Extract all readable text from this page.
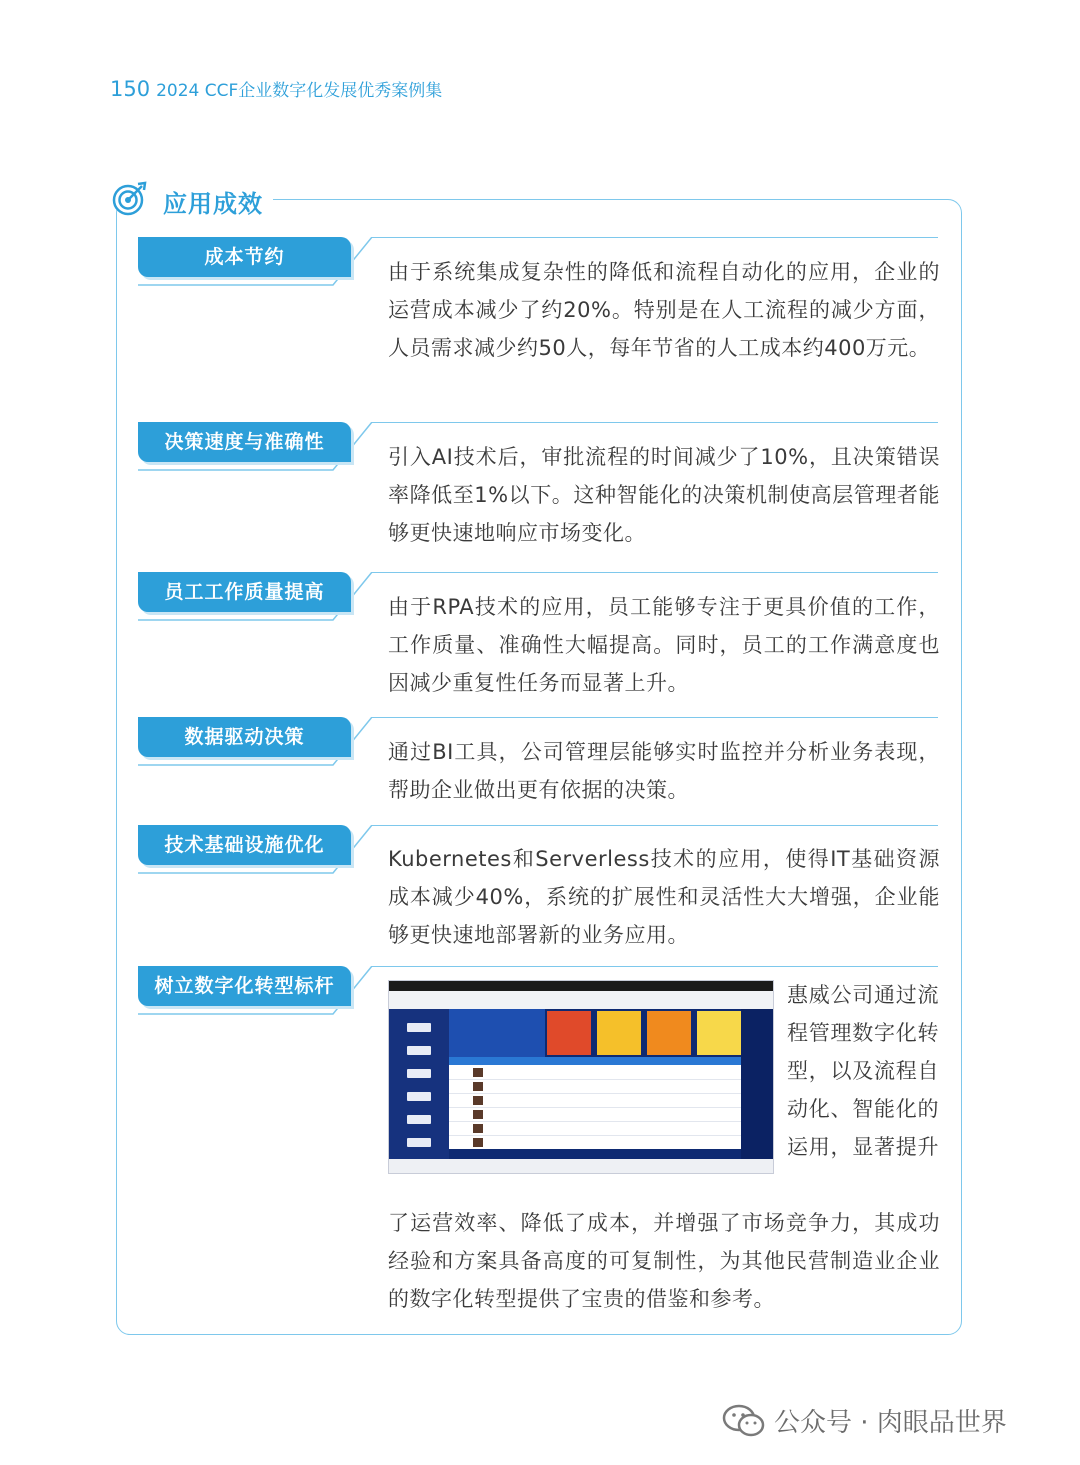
150 2024 CCF企业数字化发展优秀案例集
应用成效
成本节约
由于系统集成复杂性的降低和流程自动化的应用，企业的运营成本减少了约20%。特别是在人工流程的减少方面，人员需求减少约50人，每年节省的人工成本约400万元。
决策速度与准确性
引入AI技术后，审批流程的时间减少了10%，且决策错误率降低至1%以下。这种智能化的决策机制使高层管理者能够更快速地响应市场变化。
员工工作质量提高
由于RPA技术的应用，员工能够专注于更具价值的工作，工作质量、准确性大幅提高。同时，员工的工作满意度也因减少重复性任务而显著上升。
数据驱动决策
通过BI工具，公司管理层能够实时监控并分析业务表现，帮助企业做出更有依据的决策。
技术基础设施优化
Kubernetes和Serverless技术的应用，使得IT基础资源成本减少40%，系统的扩展性和灵活性大大增强，企业能够更快速地部署新的业务应用。
树立数字化转型标杆	惠威公司通过流程管理数字化转型，以及流程自动化、智能化的运用，显著提升
了运营效率、降低了成本，并增强了市场竞争力，其成功经验和方案具备高度的可复制性，为其他民营制造业企业的数字化转型提供了宝贵的借鉴和参考。
公众号 · 肉眼品世界
